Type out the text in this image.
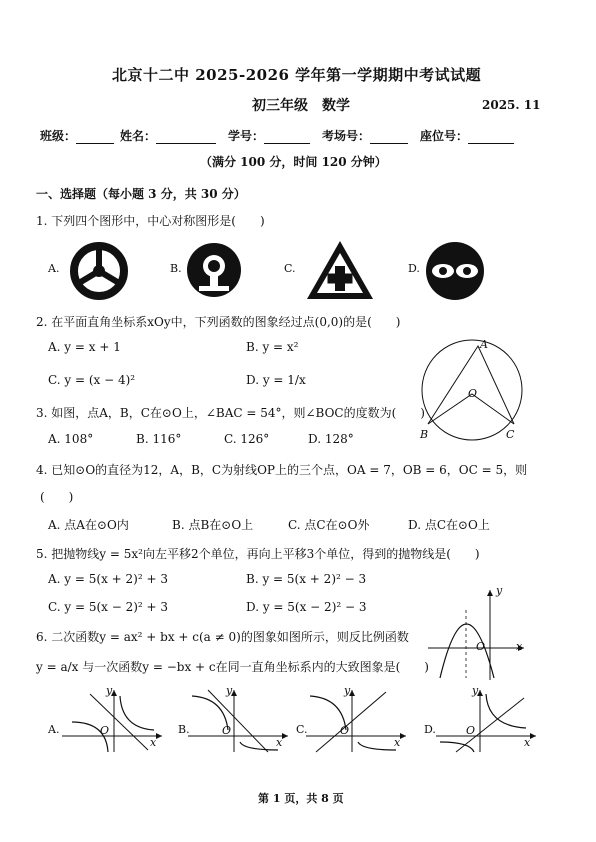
北京十二中 2025-2026 学年第一学期期中考试试题
初三年级　数学	2025. 11
班级：	姓名：	学号：	考场号：	座位号：
（满分 100 分，时间 120 分钟）
一、选择题（每小题 3 分，共 30 分）
1. 下列四个图形中，中心对称图形是(　　)
A.	B.	C.	D.
2. 在平面直角坐标系xOy中，下列函数的图象经过点(0,0)的是(　　)
A. y = x + 1	B. y = x²
C. y = (x − 4)²	D. y = 1/x
A
O
B	C
3. 如图，点A，B，C在⊙O上，∠BAC = 54°，则∠BOC的度数为(　　)
A. 108°	B. 116°	C. 126°	D. 128°
4. 已知⊙O的直径为12，A，B，C为射线OP上的三个点，OA = 7，OB = 6，OC = 5，则
(　　)
A. 点A在⊙O内	B. 点B在⊙O上	C. 点C在⊙O外	D. 点C在⊙O上
5. 把抛物线y = 5x²向左平移2个单位，再向上平移3个单位，得到的抛物线是(　　)
A. y = 5(x + 2)² + 3	B. y = 5(x + 2)² − 3
C. y = 5(x − 2)² + 3	D. y = 5(x − 2)² − 3
y
x
O
6. 二次函数y = ax² + bx + c(a ≠ 0)的图象如图所示，则反比例函数
y = a/x 与一次函数y = −bx + c在同一直角坐标系内的大致图象是(　　)
A.
y
x
O	B.
y
x
O	C.
y
x
O	D.
y
x
O
第 1 页，共 8 页
